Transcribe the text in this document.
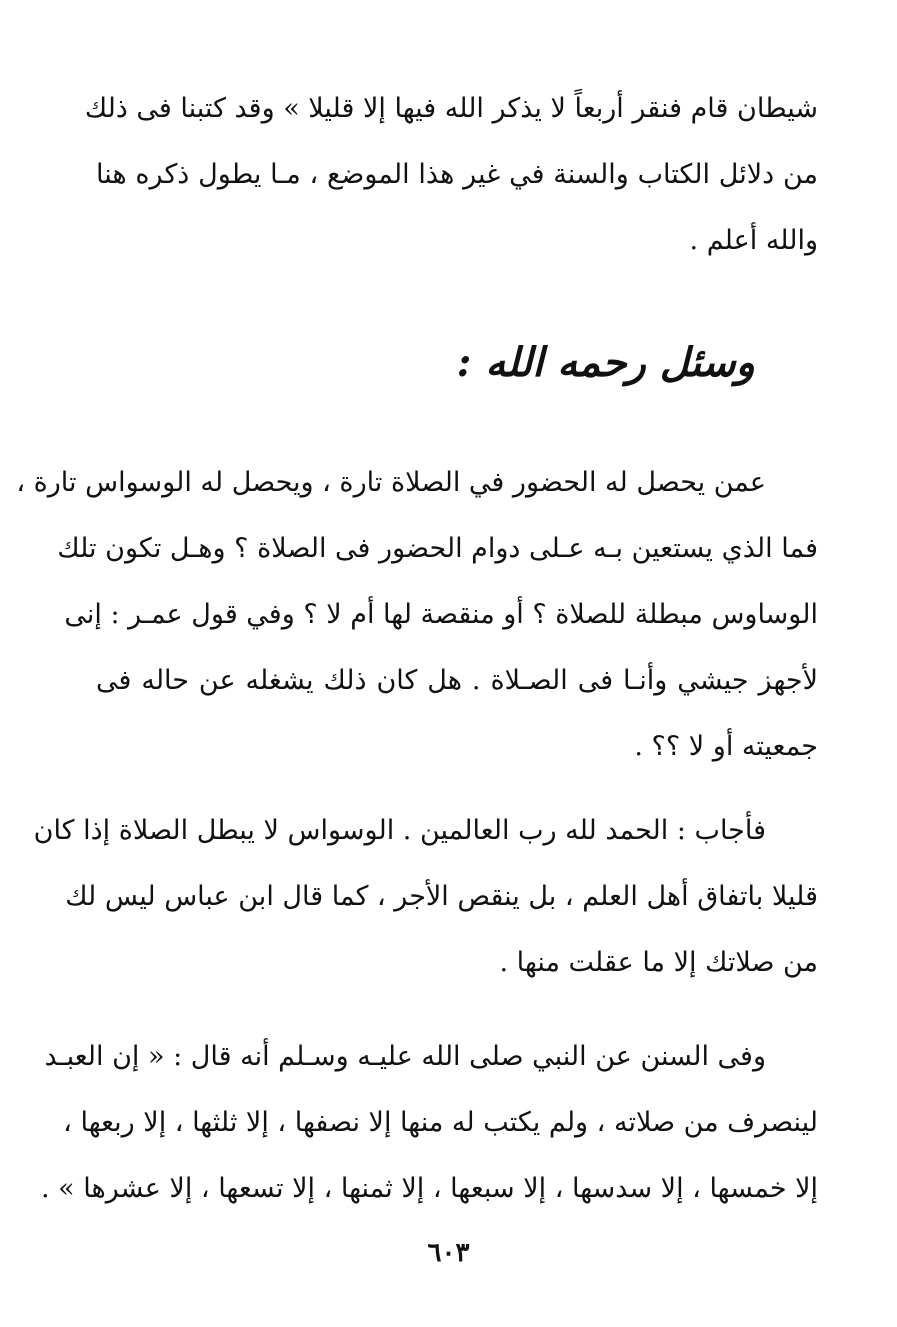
شيطان قام فنقر أربعاً لا يذكر الله فيها إلا قليلا » وقد كتبنا فى ذلك
من دلائل الكتاب والسنة في غير هذا الموضع ، مـا يطول ذكره هنا
والله أعلم .
وسئل رحمه الله :
عمن يحصل له الحضور في الصلاة تارة ، ويحصل له الوسواس تارة ،
فما الذي يستعين بـه عـلى دوام الحضور فى الصلاة ؟ وهـل تكون تلك
الوساوس مبطلة للصلاة ؟ أو منقصة لها أم لا ؟ وفي قول عمـر : إنى
لأجهز جيشي وأنـا فى الصـلاة . هل كان ذلك يشغله عن حاله فى
جمعيته أو لا ؟؟ .
فأجاب : الحمد لله رب العالمين . الوسواس لا يبطل الصلاة إذا كان
قليلا باتفاق أهل العلم ، بل ينقص الأجر ، كما قال ابن عباس ليس لك
من صلاتك إلا ما عقلت منها .
وفى السنن عن النبي صلى الله عليـه وسـلم أنه قال : « إن العبـد
لينصرف من صلاته ، ولم يكتب له منها إلا نصفها ، إلا ثلثها ، إلا ربعها ،
إلا خمسها ، إلا سدسها ، إلا سبعها ، إلا ثمنها ، إلا تسعها ، إلا عشرها » .
٦٠٣
